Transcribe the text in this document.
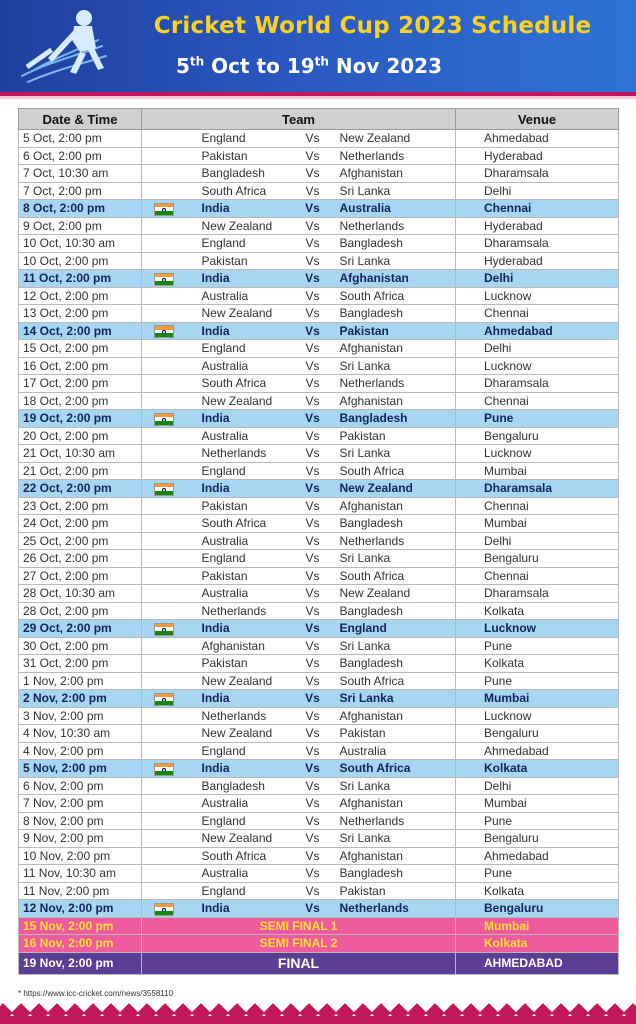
Cricket World Cup 2023 Schedule
5th Oct to 19th Nov 2023
Date & Time	Team				Venue
5 Oct, 2:00 pm		England	Vs	New Zealand	Ahmedabad
6 Oct, 2:00 pm		Pakistan	Vs	Netherlands	Hyderabad
7 Oct, 10:30 am		Bangladesh	Vs	Afghanistan	Dharamsala
7 Oct, 2:00 pm		South Africa	Vs	Sri Lanka	Delhi
8 Oct, 2:00 pm		India	Vs	Australia	Chennai
9 Oct, 2:00 pm		New Zealand	Vs	Netherlands	Hyderabad
10 Oct, 10:30 am		England	Vs	Bangladesh	Dharamsala
10 Oct, 2:00 pm		Pakistan	Vs	Sri Lanka	Hyderabad
11 Oct, 2:00 pm		India	Vs	Afghanistan	Delhi
12 Oct, 2:00 pm		Australia	Vs	South Africa	Lucknow
13 Oct, 2:00 pm		New Zealand	Vs	Bangladesh	Chennai
14 Oct, 2:00 pm		India	Vs	Pakistan	Ahmedabad
15 Oct, 2:00 pm		England	Vs	Afghanistan	Delhi
16 Oct, 2:00 pm		Australia	Vs	Sri Lanka	Lucknow
17 Oct, 2:00 pm		South Africa	Vs	Netherlands	Dharamsala
18 Oct, 2:00 pm		New Zealand	Vs	Afghanistan	Chennai
19 Oct, 2:00 pm		India	Vs	Bangladesh	Pune
20 Oct, 2:00 pm		Australia	Vs	Pakistan	Bengaluru
21 Oct, 10:30 am		Netherlands	Vs	Sri Lanka	Lucknow
21 Oct, 2:00 pm		England	Vs	South Africa	Mumbai
22 Oct, 2:00 pm		India	Vs	New Zealand	Dharamsala
23 Oct, 2:00 pm		Pakistan	Vs	Afghanistan	Chennai
24 Oct, 2:00 pm		South Africa	Vs	Bangladesh	Mumbai
25 Oct, 2:00 pm		Australia	Vs	Netherlands	Delhi
26 Oct, 2:00 pm		England	Vs	Sri Lanka	Bengaluru
27 Oct, 2:00 pm		Pakistan	Vs	South Africa	Chennai
28 Oct, 10:30 am		Australia	Vs	New Zealand	Dharamsala
28 Oct, 2:00 pm		Netherlands	Vs	Bangladesh	Kolkata
29 Oct, 2:00 pm		India	Vs	England	Lucknow
30 Oct, 2:00 pm		Afghanistan	Vs	Sri Lanka	Pune
31 Oct, 2:00 pm		Pakistan	Vs	Bangladesh	Kolkata
1 Nov, 2:00 pm		New Zealand	Vs	South Africa	Pune
2 Nov, 2:00 pm		India	Vs	Sri Lanka	Mumbai
3 Nov, 2:00 pm		Netherlands	Vs	Afghanistan	Lucknow
4 Nov, 10:30 am		New Zealand	Vs	Pakistan	Bengaluru
4 Nov, 2:00 pm		England	Vs	Australia	Ahmedabad
5 Nov, 2:00 pm		India	Vs	South Africa	Kolkata
6 Nov, 2:00 pm		Bangladesh	Vs	Sri Lanka	Delhi
7 Nov, 2:00 pm		Australia	Vs	Afghanistan	Mumbai
8 Nov, 2:00 pm		England	Vs	Netherlands	Pune
9 Nov, 2:00 pm		New Zealand	Vs	Sri Lanka	Bengaluru
10 Nov, 2:00 pm		South Africa	Vs	Afghanistan	Ahmedabad
11 Nov, 10:30 am		Australia	Vs	Bangladesh	Pune
11 Nov, 2:00 pm		England	Vs	Pakistan	Kolkata
12 Nov, 2:00 pm		India	Vs	Netherlands	Bengaluru
15 Nov, 2:00 pm	SEMI FINAL 1				Mumbai
16 Nov, 2:00 pm	SEMI FINAL 2				Kolkata
19 Nov, 2:00 pm	FINAL				AHMEDABAD
* https://www.icc-cricket.com/news/3558110
